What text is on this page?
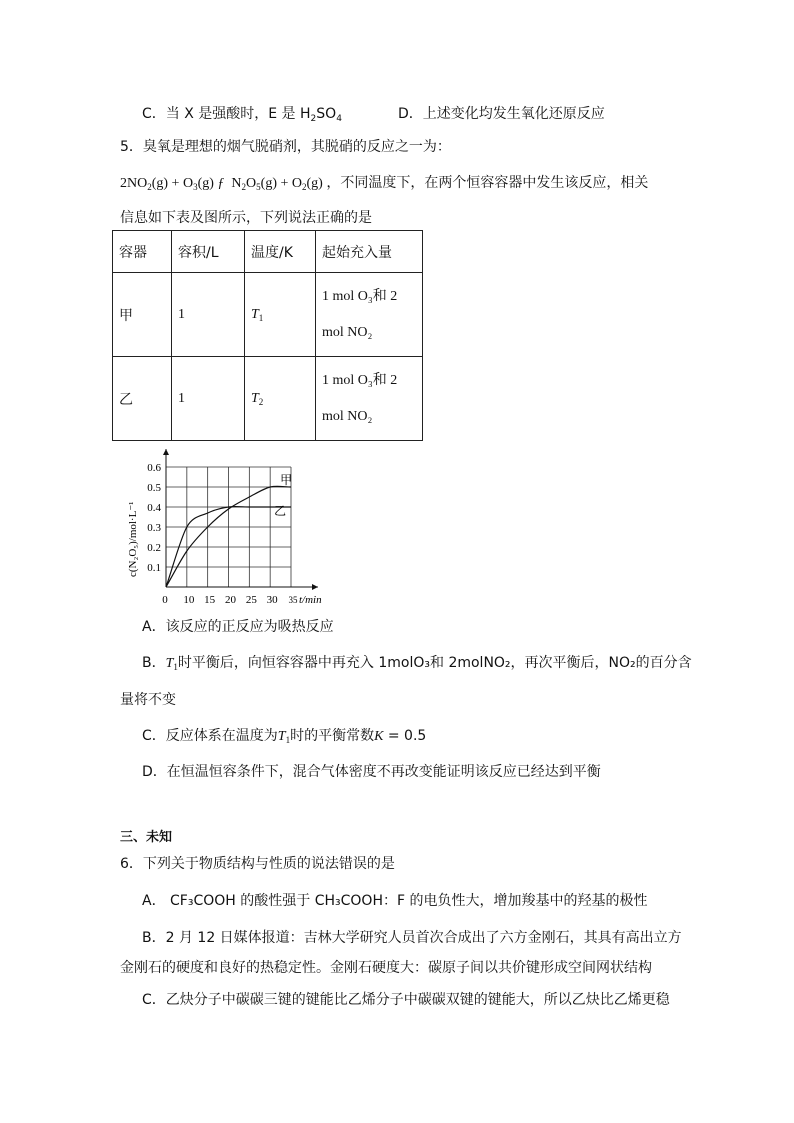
C．当 X 是强酸时，E 是 $H_2SO_4$	D．上述变化均发生氧化还原反应
5．臭氧是理想的烟气脱硝剂，其脱硝的反应之一为：
$2NO_2(g) + O_3(g)$ ƒ $N_2O_5(g) + O_2(g)$ ，不同温度下，在两个恒容容器中发生该反应，相关
信息如下表及图所示，下列说法正确的是
容器	容积/L	温度/K	起始充入量
甲	1	$T_1$	1 mol O₃和 2
mol NO₂

乙	1	$T_2$	1 mol O₃和 2
mol NO₂
甲
乙
0.1
0.2
0.3
0.4
0.5
0.6
0 10 15 20 25 30 35 t/min
c(N₂O₅)/mol·L⁻¹
A．该反应的正反应为吸热反应
B．$T_1$时平衡后，向恒容容器中再充入 1molO₃和 2molNO₂，再次平衡后，NO₂的百分含
量将不变
C．反应体系在温度为$T_1$时的平衡常数K = 0.5
D．在恒温恒容条件下，混合气体密度不再改变能证明该反应已经达到平衡
三、未知
6．下列关于物质结构与性质的说法错误的是
A． CF₃COOH 的酸性强于 CH₃COOH：F 的电负性大，增加羧基中的羟基的极性
B．2 月 12 日媒体报道：吉林大学研究人员首次合成出了六方金刚石，其具有高出立方
金刚石的硬度和良好的热稳定性。金刚石硬度大：碳原子间以共价键形成空间网状结构
C．乙炔分子中碳碳三键的键能比乙烯分子中碳碳双键的键能大，所以乙炔比乙烯更稳
